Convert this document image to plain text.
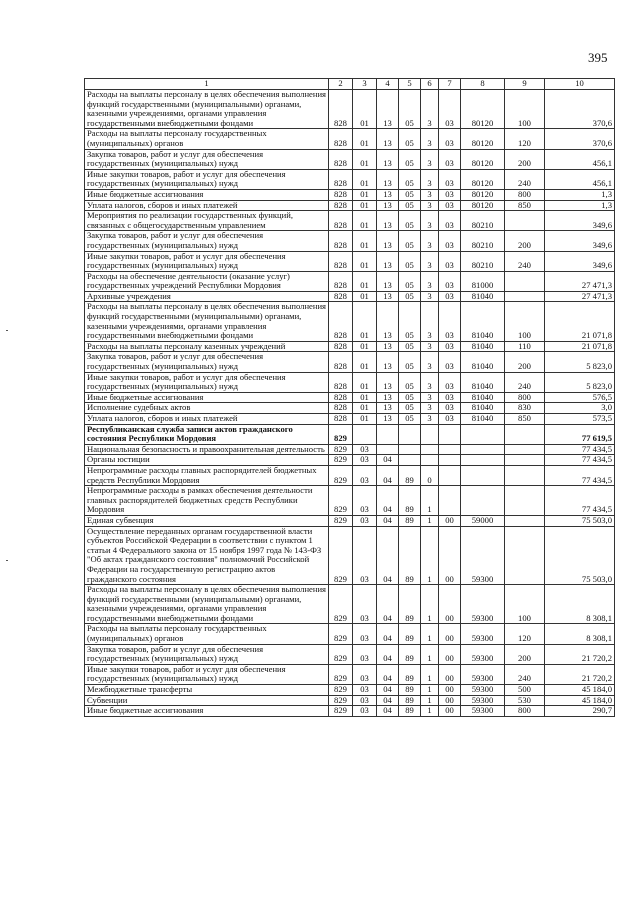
395
1	2	3	4	5	6	7	8	9	10
Расходы на выплаты персоналу в целях обеспечения выполнения функций государственными (муниципальными) органами, казенными учреждениями, органами управления государственными внебюджетными фондами	828	01	13	05	3	03	80120	100	370,6
Расходы на выплаты персоналу государственных (муниципальных) органов	828	01	13	05	3	03	80120	120	370,6
Закупка товаров, работ и услуг для обеспечения государственных (муниципальных) нужд	828	01	13	05	3	03	80120	200	456,1
Иные закупки товаров, работ и услуг для обеспечения государственных (муниципальных) нужд	828	01	13	05	3	03	80120	240	456,1
Иные бюджетные ассигнования	828	01	13	05	3	03	80120	800	1,3
Уплата налогов, сборов и иных платежей	828	01	13	05	3	03	80120	850	1,3
Мероприятия по реализации государственных функций, связанных с общегосударственным управлением	828	01	13	05	3	03	80210		349,6
Закупка товаров, работ и услуг для обеспечения государственных (муниципальных) нужд	828	01	13	05	3	03	80210	200	349,6
Иные закупки товаров, работ и услуг для обеспечения государственных (муниципальных) нужд	828	01	13	05	3	03	80210	240	349,6
Расходы на обеспечение деятельности (оказание услуг) государственных учреждений Республики Мордовия	828	01	13	05	3	03	81000		27 471,3
Архивные учреждения	828	01	13	05	3	03	81040		27 471,3
Расходы на выплаты персоналу в целях обеспечения выполнения функций государственными (муниципальными) органами, казенными учреждениями, органами управления государственными внебюджетными фондами	828	01	13	05	3	03	81040	100	21 071,8
Расходы на выплаты персоналу казенных учреждений	828	01	13	05	3	03	81040	110	21 071,8
Закупка товаров, работ и услуг для обеспечения государственных (муниципальных) нужд	828	01	13	05	3	03	81040	200	5 823,0
Иные закупки товаров, работ и услуг для обеспечения государственных (муниципальных) нужд	828	01	13	05	3	03	81040	240	5 823,0
Иные бюджетные ассигнования	828	01	13	05	3	03	81040	800	576,5
Исполнение судебных актов	828	01	13	05	3	03	81040	830	3,0
Уплата налогов, сборов и иных платежей	828	01	13	05	3	03	81040	850	573,5
Республиканская служба записи актов гражданского состояния Республики Мордовия	829								77 619,5
Национальная безопасность и правоохранительная деятельность	829	03							77 434,5
Органы юстиции	829	03	04						77 434,5
Непрограммные расходы главных распорядителей бюджетных средств Республики Мордовия	829	03	04	89	0				77 434,5
Непрограммные расходы в рамках обеспечения деятельности главных распорядителей бюджетных средств Республики Мордовия	829	03	04	89	1				77 434,5
Единая субвенция	829	03	04	89	1	00	59000		75 503,0
Осуществление переданных органам государственной власти субъектов Российской Федерации в соответствии с пунктом 1 статьи 4 Федерального закона от 15 ноября 1997 года № 143-ФЗ "Об актах гражданского состояния" полномочий Российской Федерации на государственную регистрацию актов гражданского состояния	829	03	04	89	1	00	59300		75 503,0
Расходы на выплаты персоналу в целях обеспечения выполнения функций государственными (муниципальными) органами, казенными учреждениями, органами управления государственными внебюджетными фондами	829	03	04	89	1	00	59300	100	8 308,1
Расходы на выплаты персоналу государственных (муниципальных) органов	829	03	04	89	1	00	59300	120	8 308,1
Закупка товаров, работ и услуг для обеспечения государственных (муниципальных) нужд	829	03	04	89	1	00	59300	200	21 720,2
Иные закупки товаров, работ и услуг для обеспечения государственных (муниципальных) нужд	829	03	04	89	1	00	59300	240	21 720,2
Межбюджетные трансферты	829	03	04	89	1	00	59300	500	45 184,0
Субвенции	829	03	04	89	1	00	59300	530	45 184,0
Иные бюджетные ассигнования	829	03	04	89	1	00	59300	800	290,7
